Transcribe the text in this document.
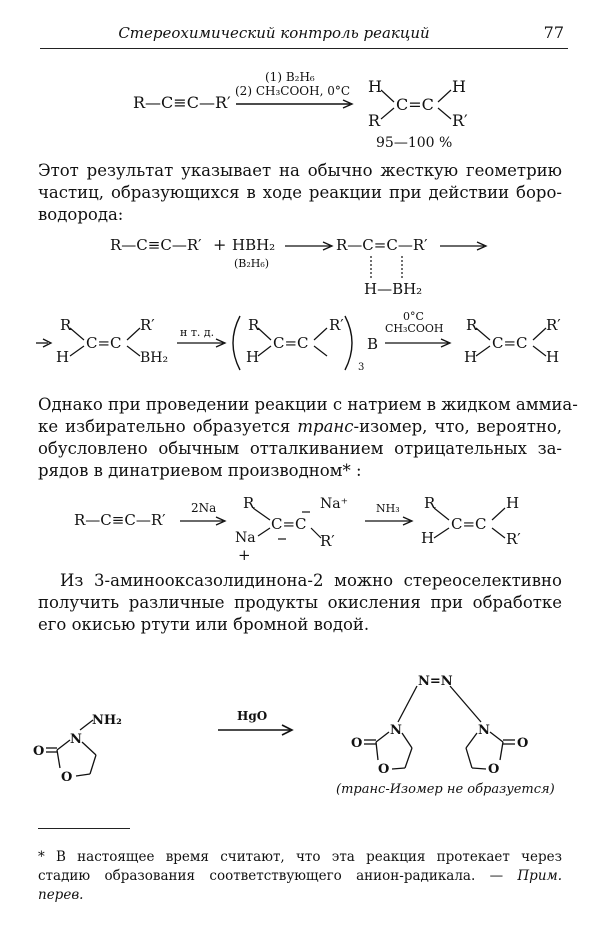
Стереохимический контроль реакций	77
R—C≡C—R′
(1) B₂H₆
(2) CH₃COOH, 0°C H
R
C=C
H
R′
95—100 %
Этот результат указывает на обычно жесткую геометрию
частиц, образующихся в ходе реакции при действии боро-
водорода:
R—C≡C—R′ + HBH₂
(B₂H₆)
R—C=C—R′
H—BH₂
R
H
C=C
R′
BH₂
н т. д. R
H
C=C
R′
3
B
0°C
CH₃COOH R
H
C=C
R′
H
Однако при проведении реакции с натрием в жидком аммиа-
ке избирательно образуется транс-изомер, что, вероятно,
обусловлено обычным отталкиванием отрицательных за-
рядов в динатриевом производном* :
R—C≡C—R′
2Na R
Na
+
C=C
Na⁺
R′
NH₃ R
H
C=C
H
R′
Из 3-аминооксазолидинона-2 можно стереоселективно
получить различные продукты окисления при обработке
его окисью ртути или бромной водой.
NH₂
N
O
O
HgO
N=N
N
O
O
N
O
O
(транс-Изомер не образуется)
* В настоящее время считают, что эта реакция протекает через
стадию образования соответствующего анион-радикала. — Прим.
перев.
